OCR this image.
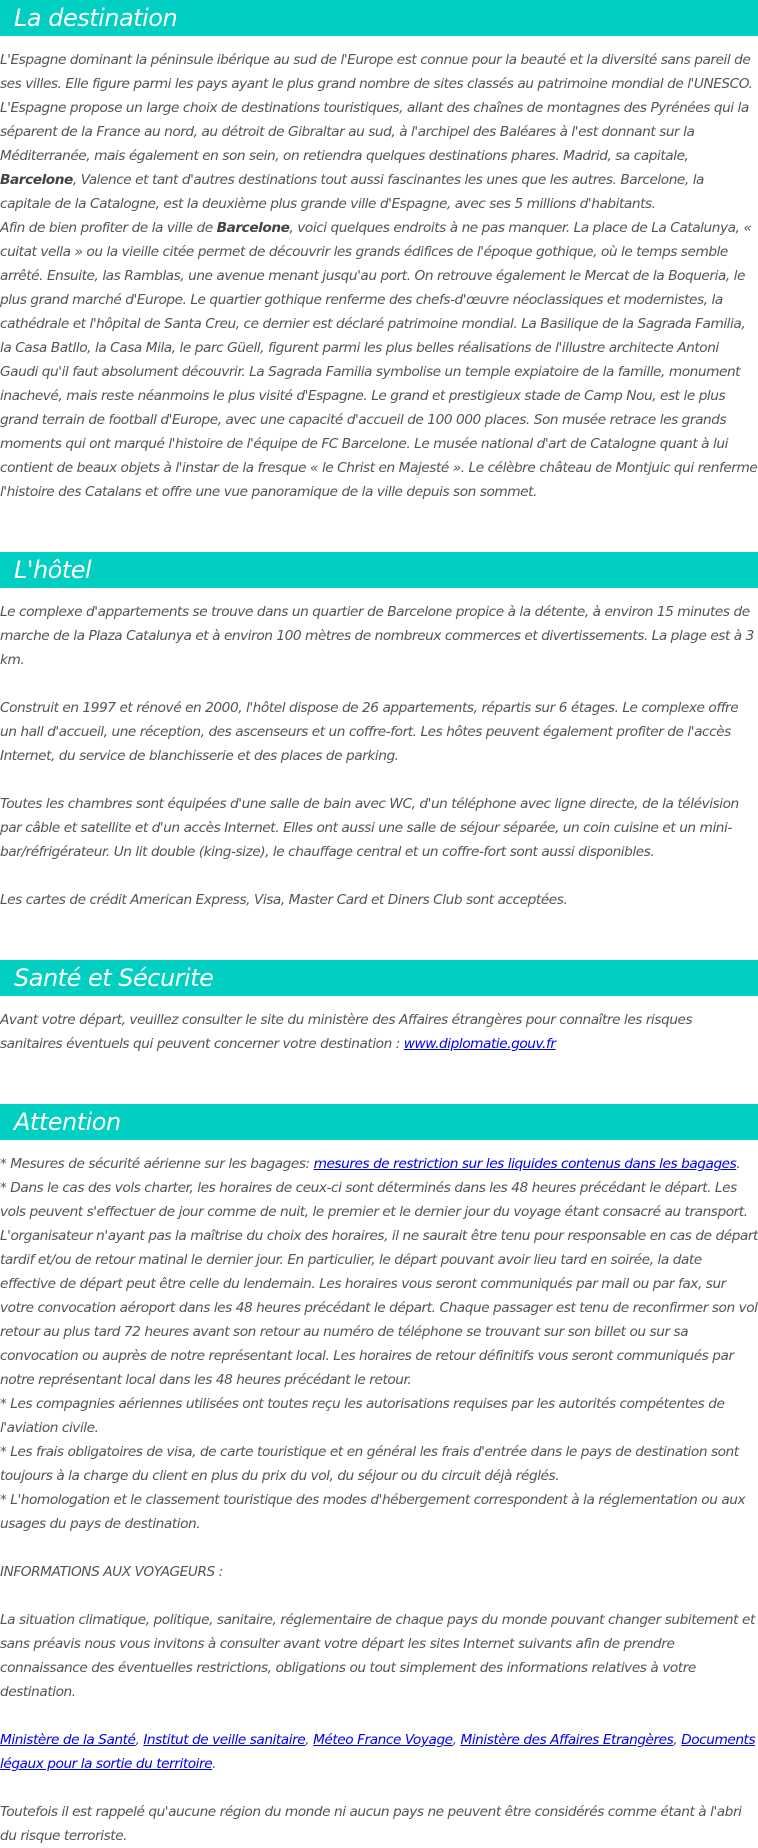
La destination

L'Espagne dominant la péninsule ibérique au sud de l'Europe est connue pour la beauté et la diversité sans pareil de ses villes. Elle figure parmi les pays ayant le plus grand nombre de sites classés au patrimoine mondial de l'UNESCO. L'Espagne propose un large choix de destinations touristiques, allant des chaînes de montagnes des Pyrénées qui la séparent de la France au nord, au détroit de Gibraltar au sud, à l'archipel des Baléares à l'est donnant sur la Méditerranée, mais également en son sein, on retiendra quelques destinations phares. Madrid, sa capitale, Barcelone, Valence et tant d'autres destinations tout aussi fascinantes les unes que les autres. Barcelone, la capitale de la Catalogne, est la deuxième plus grande ville d'Espagne, avec ses 5 millions d'habitants.

Afin de bien profiter de la ville de Barcelone, voici quelques endroits à ne pas manquer. La place de La Catalunya, « cuitat vella » ou la vieille citée permet de découvrir les grands édifices de l'époque gothique, où le temps semble arrêté. Ensuite, las Ramblas, une avenue menant jusqu'au port. On retrouve également le Mercat de la Boqueria, le plus grand marché d'Europe. Le quartier gothique renferme des chefs-d'œuvre néoclassiques et modernistes, la cathédrale et l'hôpital de Santa Creu, ce dernier est déclaré patrimoine mondial. La Basilique de la Sagrada Familia, la Casa Batllo, la Casa Mila, le parc Güell, figurent parmi les plus belles réalisations de l'illustre architecte Antoni Gaudi qu'il faut absolument découvrir. La Sagrada Familia symbolise un temple expiatoire de la famille, monument inachevé, mais reste néanmoins le plus visité d'Espagne. Le grand et prestigieux stade de Camp Nou, est le plus grand terrain de football d'Europe, avec une capacité d'accueil de 100 000 places. Son musée retrace les grands moments qui ont marqué l'histoire de l'équipe de FC Barcelone. Le musée national d'art de Catalogne quant à lui contient de beaux objets à l'instar de la fresque « le Christ en Majesté ». Le célèbre château de Montjuic qui renferme l'histoire des Catalans et offre une vue panoramique de la ville depuis son sommet.

L'hôtel

Le complexe d'appartements se trouve dans un quartier de Barcelone propice à la détente, à environ 15 minutes de marche de la Plaza Catalunya et à environ 100 mètres de nombreux commerces et divertissements. La plage est à 3 km.

Construit en 1997 et rénové en 2000, l'hôtel dispose de 26 appartements, répartis sur 6 étages. Le complexe offre un hall d'accueil, une réception, des ascenseurs et un coffre-fort. Les hôtes peuvent également profiter de l'accès Internet, du service de blanchisserie et des places de parking.

Toutes les chambres sont équipées d'une salle de bain avec WC, d'un téléphone avec ligne directe, de la télévision par câble et satellite et d'un accès Internet. Elles ont aussi une salle de séjour séparée, un coin cuisine et un mini-bar/réfrigérateur. Un lit double (king-size), le chauffage central et un coffre-fort sont aussi disponibles.

Les cartes de crédit American Express, Visa, Master Card et Diners Club sont acceptées.

Santé et Sécurite

Avant votre départ, veuillez consulter le site du ministère des Affaires étrangères pour connaître les risques sanitaires éventuels qui peuvent concerner votre destination : www.diplomatie.gouv.fr

Attention

* Mesures de sécurité aérienne sur les bagages: mesures de restriction sur les liquides contenus dans les bagages.

* Dans le cas des vols charter, les horaires de ceux-ci sont déterminés dans les 48 heures précédant le départ. Les vols peuvent s'effectuer de jour comme de nuit, le premier et le dernier jour du voyage étant consacré au transport. L'organisateur n'ayant pas la maîtrise du choix des horaires, il ne saurait être tenu pour responsable en cas de départ tardif et/ou de retour matinal le dernier jour. En particulier, le départ pouvant avoir lieu tard en soirée, la date effective de départ peut être celle du lendemain. Les horaires vous seront communiqués par mail ou par fax, sur votre convocation aéroport dans les 48 heures précédant le départ. Chaque passager est tenu de reconfirmer son vol retour au plus tard 72 heures avant son retour au numéro de téléphone se trouvant sur son billet ou sur sa convocation ou auprès de notre représentant local. Les horaires de retour définitifs vous seront communiqués par notre représentant local dans les 48 heures précédant le retour.

* Les compagnies aériennes utilisées ont toutes reçu les autorisations requises par les autorités compétentes de l'aviation civile.

* Les frais obligatoires de visa, de carte touristique et en général les frais d'entrée dans le pays de destination sont toujours à la charge du client en plus du prix du vol, du séjour ou du circuit déjà réglés.

* L'homologation et le classement touristique des modes d'hébergement correspondent à la réglementation ou aux usages du pays de destination.

INFORMATIONS AUX VOYAGEURS :

La situation climatique, politique, sanitaire, réglementaire de chaque pays du monde pouvant changer subitement et sans préavis nous vous invitons à consulter avant votre départ les sites Internet suivants afin de prendre connaissance des éventuelles restrictions, obligations ou tout simplement des informations relatives à votre destination.

Ministère de la Santé, Institut de veille sanitaire, Méteo France Voyage, Ministère des Affaires Etrangères, Documents légaux pour la sortie du territoire.

Toutefois il est rappelé qu'aucune région du monde ni aucun pays ne peuvent être considérés comme étant à l'abri du risque terroriste.
